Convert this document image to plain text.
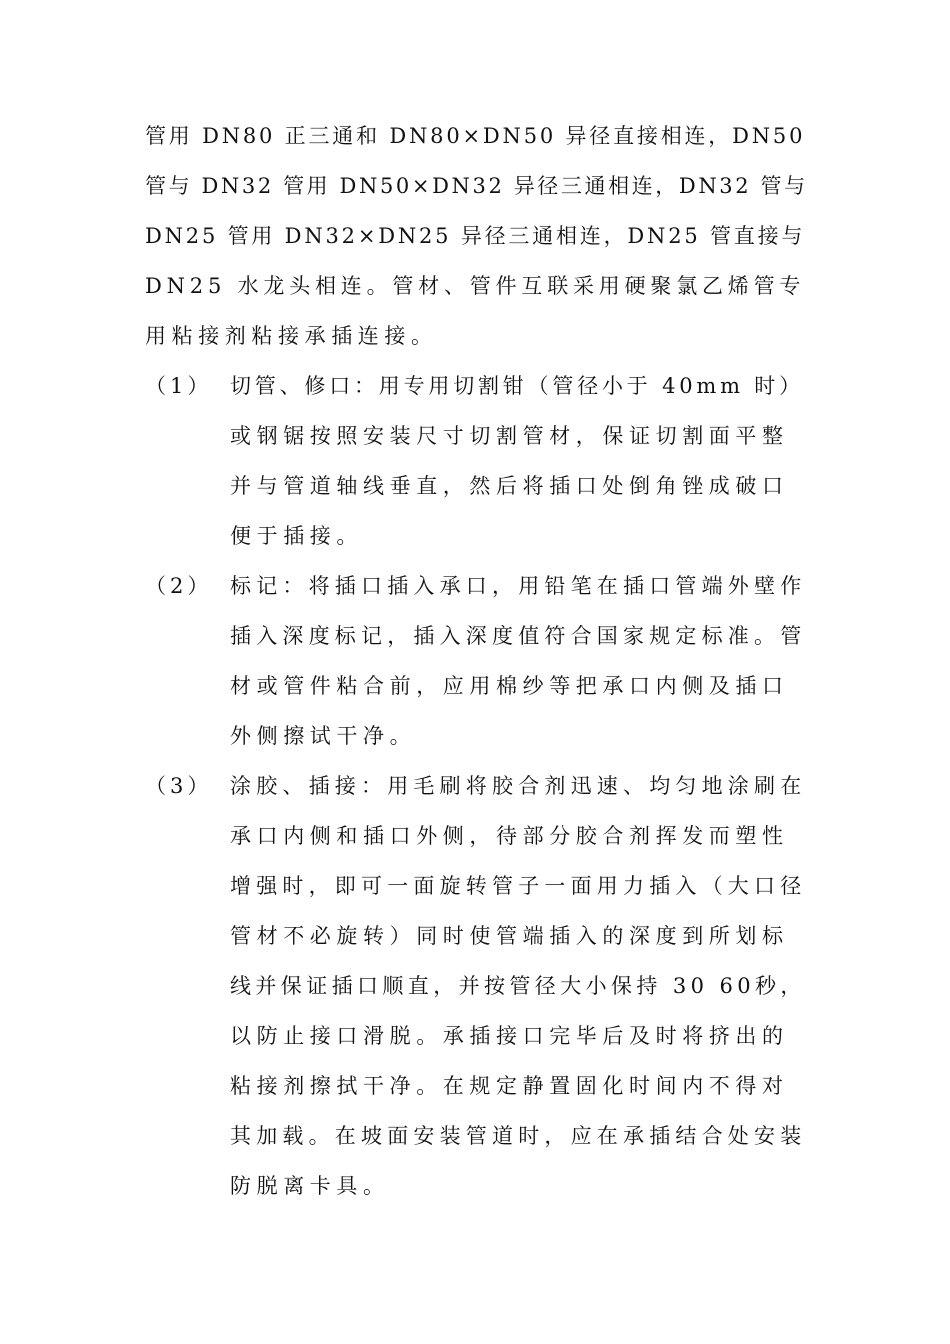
管用 DN80 正三通和 DN80×DN50 异径直接相连，DN50
管与 DN32 管用 DN50×DN32 异径三通相连，DN32 管与
DN25 管用 DN32×DN25 异径三通相连，DN25 管直接与
DN25 水龙头相连。管材、管件互联采用硬聚氯乙烯管专
用粘接剂粘接承插连接。
（1） 切管、修口：用专用切割钳（管径小于 40mm 时）
或钢锯按照安装尺寸切割管材，保证切割面平整
并与管道轴线垂直，然后将插口处倒角锉成破口
便于插接。
（2） 标记：将插口插入承口，用铅笔在插口管端外壁作
插入深度标记，插入深度值符合国家规定标准。管
材或管件粘合前，应用棉纱等把承口内侧及插口
外侧擦试干净。
（3） 涂胶、插接：用毛刷将胶合剂迅速、均匀地涂刷在
承口内侧和插口外侧，待部分胶合剂挥发而塑性
增强时，即可一面旋转管子一面用力插入（大口径
管材不必旋转）同时使管端插入的深度到所划标
线并保证插口顺直，并按管径大小保持 30 60秒，
以防止接口滑脱。承插接口完毕后及时将挤出的
粘接剂擦拭干净。在规定静置固化时间内不得对
其加载。在坡面安装管道时，应在承插结合处安装
防脱离卡具。
